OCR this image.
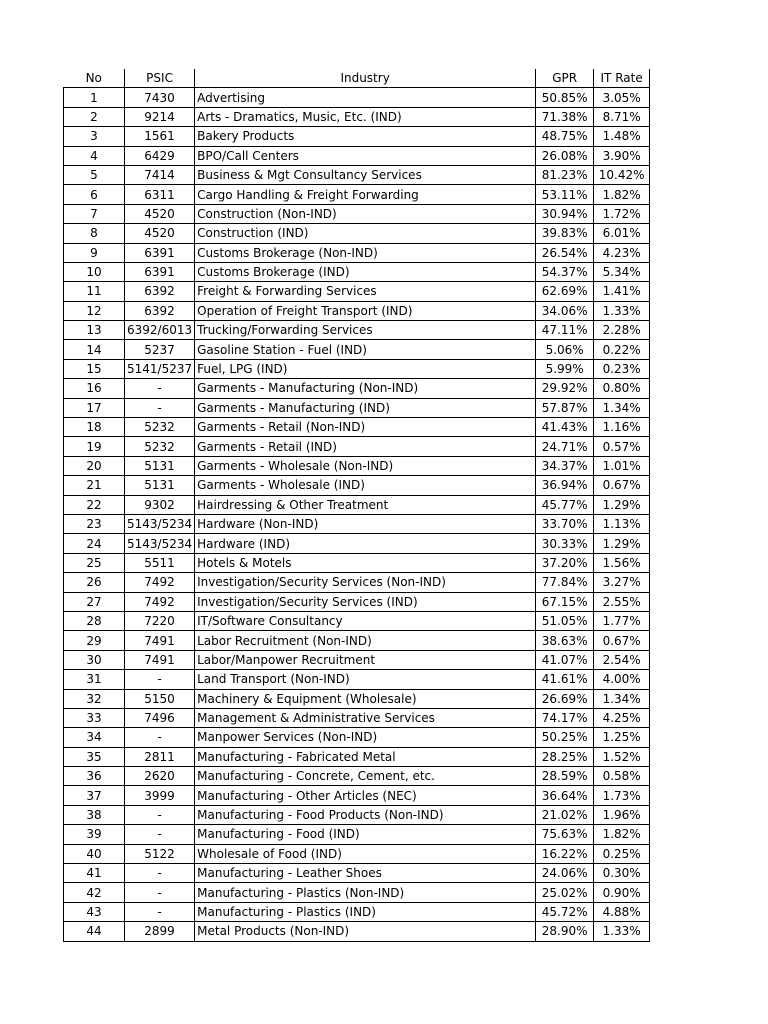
No	PSIC	Industry	GPR	IT Rate
1	7430	Advertising	50.85%	3.05%
2	9214	Arts - Dramatics, Music, Etc. (IND)	71.38%	8.71%
3	1561	Bakery Products	48.75%	1.48%
4	6429	BPO/Call Centers	26.08%	3.90%
5	7414	Business & Mgt Consultancy Services	81.23%	10.42%
6	6311	Cargo Handling & Freight Forwarding	53.11%	1.82%
7	4520	Construction (Non-IND)	30.94%	1.72%
8	4520	Construction (IND)	39.83%	6.01%
9	6391	Customs Brokerage (Non-IND)	26.54%	4.23%
10	6391	Customs Brokerage (IND)	54.37%	5.34%
11	6392	Freight & Forwarding Services	62.69%	1.41%
12	6392	Operation of Freight Transport (IND)	34.06%	1.33%
13	6392/6013	Trucking/Forwarding Services	47.11%	2.28%
14	5237	Gasoline Station - Fuel (IND)	5.06%	0.22%
15	5141/5237	Fuel, LPG (IND)	5.99%	0.23%
16	-	Garments - Manufacturing (Non-IND)	29.92%	0.80%
17	-	Garments - Manufacturing (IND)	57.87%	1.34%
18	5232	Garments - Retail (Non-IND)	41.43%	1.16%
19	5232	Garments - Retail (IND)	24.71%	0.57%
20	5131	Garments - Wholesale (Non-IND)	34.37%	1.01%
21	5131	Garments - Wholesale (IND)	36.94%	0.67%
22	9302	Hairdressing & Other Treatment	45.77%	1.29%
23	5143/5234	Hardware (Non-IND)	33.70%	1.13%
24	5143/5234	Hardware (IND)	30.33%	1.29%
25	5511	Hotels & Motels	37.20%	1.56%
26	7492	Investigation/Security Services (Non-IND)	77.84%	3.27%
27	7492	Investigation/Security Services (IND)	67.15%	2.55%
28	7220	IT/Software Consultancy	51.05%	1.77%
29	7491	Labor Recruitment (Non-IND)	38.63%	0.67%
30	7491	Labor/Manpower Recruitment	41.07%	2.54%
31	-	Land Transport (Non-IND)	41.61%	4.00%
32	5150	Machinery & Equipment (Wholesale)	26.69%	1.34%
33	7496	Management & Administrative Services	74.17%	4.25%
34	-	Manpower Services (Non-IND)	50.25%	1.25%
35	2811	Manufacturing - Fabricated Metal	28.25%	1.52%
36	2620	Manufacturing - Concrete, Cement, etc.	28.59%	0.58%
37	3999	Manufacturing - Other Articles (NEC)	36.64%	1.73%
38	-	Manufacturing - Food Products (Non-IND)	21.02%	1.96%
39	-	Manufacturing - Food (IND)	75.63%	1.82%
40	5122	Wholesale of Food (IND)	16.22%	0.25%
41	-	Manufacturing - Leather Shoes	24.06%	0.30%
42	-	Manufacturing - Plastics (Non-IND)	25.02%	0.90%
43	-	Manufacturing - Plastics (IND)	45.72%	4.88%
44	2899	Metal Products (Non-IND)	28.90%	1.33%
